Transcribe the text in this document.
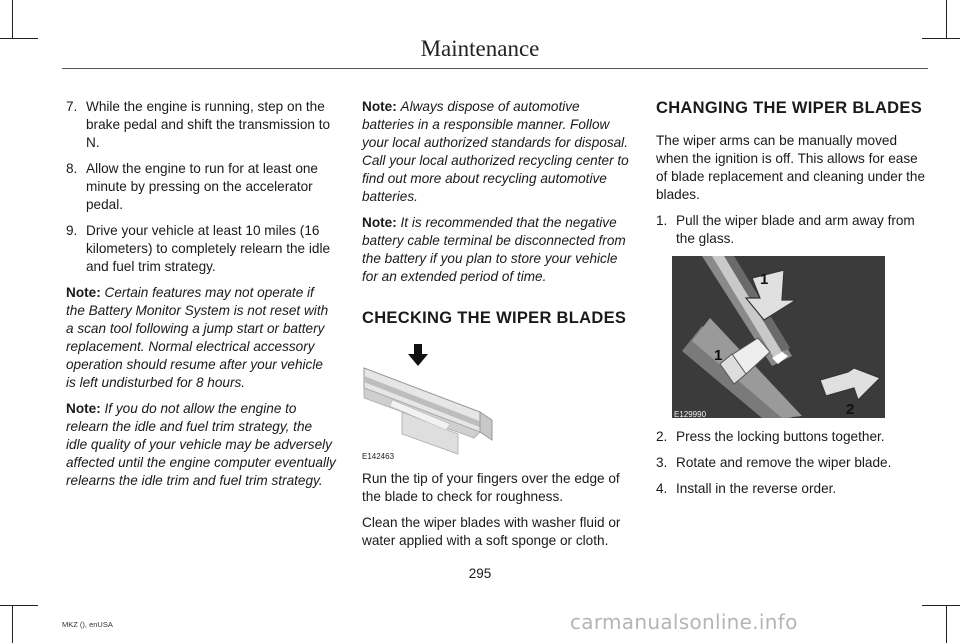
Maintenance
7. While the engine is running, step on the brake pedal and shift the transmission to N.
8. Allow the engine to run for at least one minute by pressing on the accelerator pedal.
9. Drive your vehicle at least 10 miles (16 kilometers) to completely relearn the idle and fuel trim strategy.

Note: Certain features may not operate if the Battery Monitor System is not reset with a scan tool following a jump start or battery replacement. Normal electrical accessory operation should resume after your vehicle is left undisturbed for 8 hours.

Note: If you do not allow the engine to relearn the idle and fuel trim strategy, the idle quality of your vehicle may be adversely affected until the engine computer eventually relearns the idle trim and fuel trim strategy.

Note: Always dispose of automotive batteries in a responsible manner. Follow your local authorized standards for disposal. Call your local authorized recycling center to find out more about recycling automotive batteries.

Note: It is recommended that the negative battery cable terminal be disconnected from the battery if you plan to store your vehicle for an extended period of time.

CHECKING THE WIPER BLADES
E142463

Run the tip of your fingers over the edge of the blade to check for roughness.

Clean the wiper blades with washer fluid or water applied with a soft sponge or cloth.

CHANGING THE WIPER BLADES

The wiper arms can be manually moved when the ignition is off. This allows for ease of blade replacement and cleaning under the blades.

1. Pull the wiper blade and arm away from the glass.
1
1
2
E129990
2. Press the locking buttons together.
3. Rotate and remove the wiper blade.
4. Install in the reverse order.
295
MKZ (), enUSA	carmanualsonline.info
